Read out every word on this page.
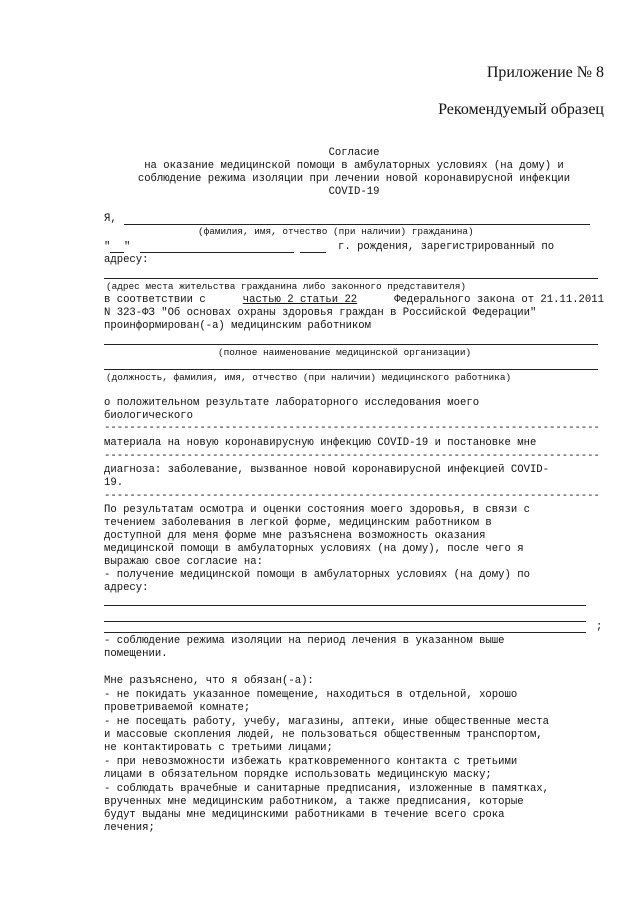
Приложение № 8
Рекомендуемый образец
Согласие
на оказание медицинской помощи в амбулаторных условиях (на дому) и
соблюдение режима изоляции при лечении новой коронавирусной инфекции
COVID-19
Я,
(фамилия, имя, отчество (при наличии) гражданина)
" "	г. рождения, зарегистрированный по
адресу:
(адрес места жительства гражданина либо законного представителя)
в соответствии с	частью 2 статьи 22	Федерального закона от 21.11.2011
N 323-ФЗ "Об основах охраны здоровья граждан в Российской Федерации"
проинформирован(-а) медицинским работником
(полное наименование медицинской организации)
(должность, фамилия, имя, отчество (при наличии) медицинского работника)
о положительном результате лабораторного исследования моего
биологического
------------------------------------------------------------------------------
материала на новую коронавирусную инфекцию COVID-19 и постановке мне
------------------------------------------------------------------------------
диагноза: заболевание, вызванное новой коронавирусной инфекцией COVID-
19.
------------------------------------------------------------------------------
По результатам осмотра и оценки состояния моего здоровья, в связи с
течением заболевания в легкой форме, медицинским работником в
доступной для меня форме мне разъяснена возможность оказания
медицинской помощи в амбулаторных условиях (на дому), после чего я
выражаю свое согласие на:
- получение медицинской помощи в амбулаторных условиях (на дому) по
адресу:
;
- соблюдение режима изоляции на период лечения в указанном выше
помещении.
Мне разъяснено, что я обязан(-а):
- не покидать указанное помещение, находиться в отдельной, хорошо
проветриваемой комнате;
- не посещать работу, учебу, магазины, аптеки, иные общественные места
и массовые скопления людей, не пользоваться общественным транспортом,
не контактировать с третьими лицами;
- при невозможности избежать кратковременного контакта с третьими
лицами в обязательном порядке использовать медицинскую маску;
- соблюдать врачебные и санитарные предписания, изложенные в памятках,
врученных мне медицинским работником, а также предписания, которые
будут выданы мне медицинскими работниками в течение всего срока
лечения;
